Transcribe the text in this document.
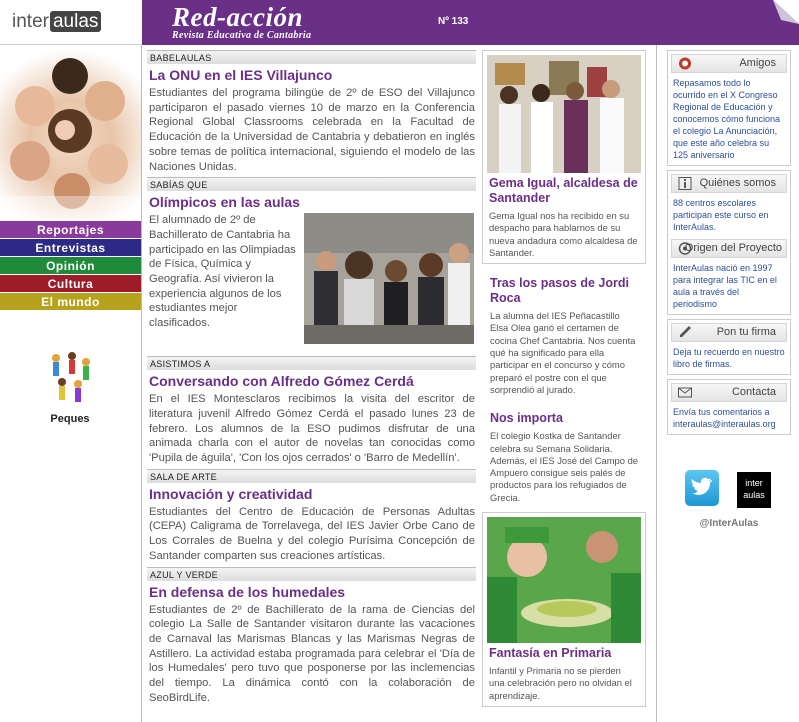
inter aulas
Reportajes
Entrevistas
Opinión
Cultura
El mundo
Peques
Red-acción
Revista Educativa de Cantabria
Nº 133
BABELAULAS
La ONU en el IES Villajunco
Estudiantes del programa bilingüe de 2º de ESO del Villajunco participaron el pasado viernes 10 de marzo en la Conferencia Regional Global Classrooms celebrada en la Facultad de Educación de la Universidad de Cantabria y debatieron en inglés sobre temas de política internacional, siguiendo el modelo de las Naciones Unidas.
SABÍAS QUE
Olímpicos en las aulas
El alumnado de 2º de Bachillerato de Cantabria ha participado en las Olimpiadas de Física, Química y Geografía. Así vivieron la experiencia algunos de los estudiantes mejor clasificados.
ASISTIMOS A
Conversando con Alfredo Gómez Cerdá
En el IES Montesclaros recibimos la visita del escritor de literatura juvenil Alfredo Gómez Cerdá el pasado lunes 23 de febrero. Los alumnos de la ESO pudimos disfrutar de una animada charla con el autor de novelas tan conocidas como 'Pupila de águila', 'Con los ojos cerrados' o 'Barro de Medellín'.
SALA DE ARTE
Innovación y creatividad
Estudiantes del Centro de Educación de Personas Adultas (CEPA) Caligrama de Torrelavega, del IES Javier Orbe Cano de Los Corrales de Buelna y del colegio Purísima Concepción de Santander comparten sus creaciones artísticas.
AZUL Y VERDE
En defensa de los humedales
Estudiantes de 2º de Bachillerato de la rama de Ciencias del colegio La Salle de Santander visitaron durante las vacaciones de Carnaval las Marismas Blancas y las Marismas Negras de Astillero. La actividad estaba programada para celebrar el 'Día de los Humedales' pero tuvo que posponerse por las inclemencias del tiempo. La dinámica contó con la colaboración de SeoBirdLife.
Gema Igual, alcaldesa de Santander
Gema Igual nos ha recibido en su despacho para hablarnos de su nueva andadura como alcaldesa de Santander.
Tras los pasos de Jordi Roca
La alumna del IES Peñacastillo Elsa Olea ganó el certamen de cocina Chef Cantabria. Nos cuenta qué ha significado para ella participar en el concurso y cómo preparó el postre con el que sorprendió al jurado.
Nos importa
El colegio Kostka de Santander celebra su Semana Solidaria. Además, el IES José del Campo de Ampuero consigue seis palés de productos para los refugiados de Grecia.
Fantasía en Primaria
Infantil y Primaria no se pierden una celebración pero no olvidan el aprendizaje.
Amigos
Repasamos todo lo ocurrido en el X Congreso Regional de Educación y conocemos cómo funciona el colegio La Anunciación, que este año celebra su 125 aniversario
Quiénes somos
88 centros escolares participan este curso en InterAulas.
Origen del Proyecto
InterAulas nació en 1997 para integrar las TIC en el aula a través del periodismo
Pon tu firma
Deja tu recuerdo en nuestro libro de firmas.
Contacta
Envía tus comentarios a interaulas@interaulas.org
inter
aulas
@InterAulas
